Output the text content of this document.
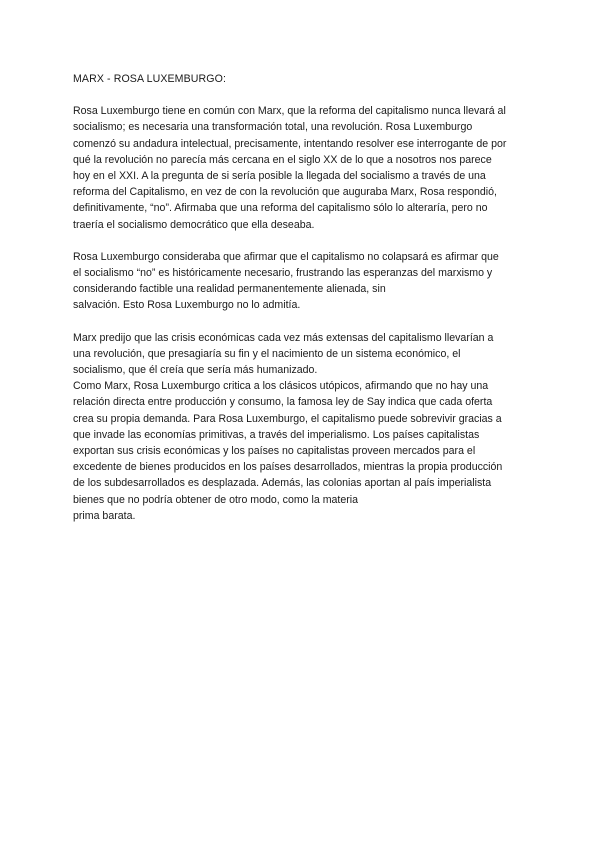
MARX - ROSA LUXEMBURGO:
Rosa Luxemburgo tiene en común con Marx, que la reforma del capitalismo nunca llevará al
socialismo; es necesaria una transformación total, una revolución. Rosa Luxemburgo
comenzó su andadura intelectual, precisamente, intentando resolver ese interrogante de por
qué la revolución no parecía más cercana en el siglo XX de lo que a nosotros nos parece
hoy en el XXI. A la pregunta de si sería posible la llegada del socialismo a través de una
reforma del Capitalismo, en vez de con la revolución que auguraba Marx, Rosa respondió,
definitivamente, “no”. Afirmaba que una reforma del capitalismo sólo lo alteraría, pero no
traería el socialismo democrático que ella deseaba.
Rosa Luxemburgo consideraba que afirmar que el capitalismo no colapsará es afirmar que
el socialismo “no” es históricamente necesario, frustrando las esperanzas del marxismo y
considerando factible una realidad permanentemente alienada, sin
salvación. Esto Rosa Luxemburgo no lo admitía.
Marx predijo que las crisis económicas cada vez más extensas del capitalismo llevarían a
una revolución, que presagiaría su fin y el nacimiento de un sistema económico, el
socialismo, que él creía que sería más humanizado.
Como Marx, Rosa Luxemburgo critica a los clásicos utópicos, afirmando que no hay una
relación directa entre producción y consumo, la famosa ley de Say indica que cada oferta
crea su propia demanda. Para Rosa Luxemburgo, el capitalismo puede sobrevivir gracias a
que invade las economías primitivas, a través del imperialismo. Los países capitalistas
exportan sus crisis económicas y los países no capitalistas proveen mercados para el
excedente de bienes producidos en los países desarrollados, mientras la propia producción
de los subdesarrollados es desplazada. Además, las colonias aportan al país imperialista
bienes que no podría obtener de otro modo, como la materia
prima barata.
